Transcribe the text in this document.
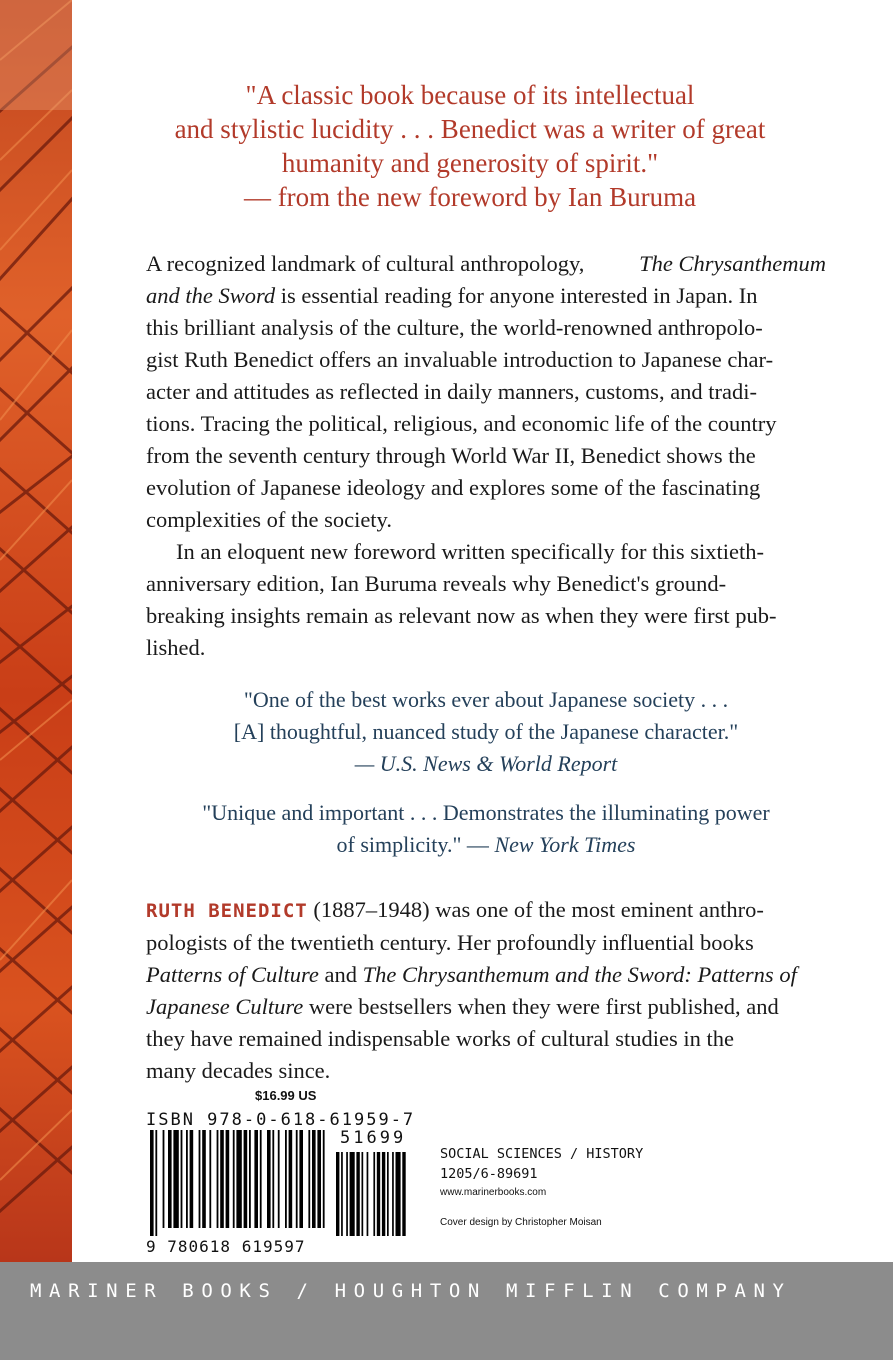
"A classic book because of its intellectual
and stylistic lucidity . . . Benedict was a writer of great
humanity and generosity of spirit."
— from the new foreword by Ian Buruma
A recognized landmark of cultural anthropology, The Chrysanthemum
and the Sword is essential reading for anyone interested in Japan. In
this brilliant analysis of the culture, the world-renowned anthropolo-
gist Ruth Benedict offers an invaluable introduction to Japanese char-
acter and attitudes as reflected in daily manners, customs, and tradi-
tions. Tracing the political, religious, and economic life of the country
from the seventh century through World War II, Benedict shows the
evolution of Japanese ideology and explores some of the fascinating
complexities of the society.
In an eloquent new foreword written specifically for this sixtieth-
anniversary edition, Ian Buruma reveals why Benedict's ground-
breaking insights remain as relevant now as when they were first pub-
lished.
"One of the best works ever about Japanese society . . .
[A] thoughtful, nuanced study of the Japanese character."
— U.S. News & World Report
"Unique and important . . . Demonstrates the illuminating power
of simplicity." — New York Times
RUTH BENEDICT (1887–1948) was one of the most eminent anthro-
pologists of the twentieth century. Her profoundly influential books
Patterns of Culture and The Chrysanthemum and the Sword: Patterns of
Japanese Culture were bestsellers when they were first published, and
they have remained indispensable works of cultural studies in the
many decades since.
$16.99 US
ISBN 978-0-618-61959-7
51699
9 780618 619597
SOCIAL SCIENCES / HISTORY
1205/6-89691
www.marinerbooks.com
Cover design by Christopher Moisan
MARINER BOOKS / HOUGHTON MIFFLIN COMPANY
